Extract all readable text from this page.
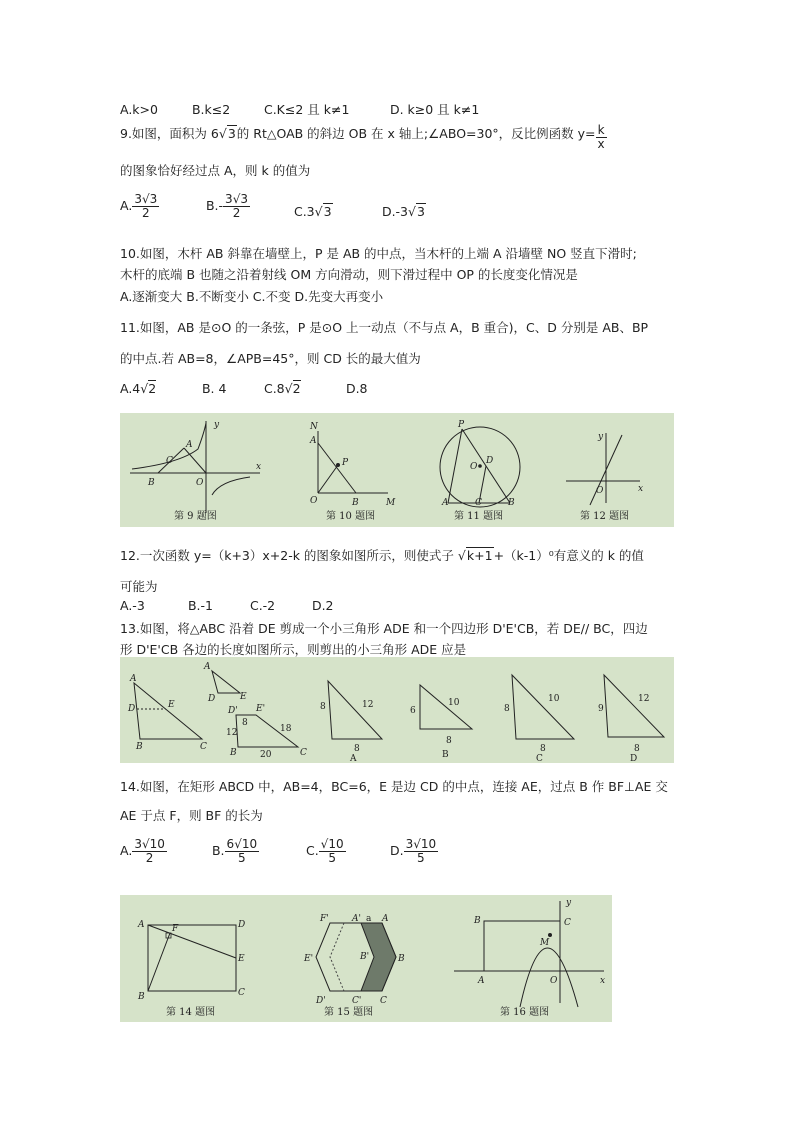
A.k>0	B.k≤2	C.K≤2 且 k≠1	D. k≥0 且 k≠1
9.如图，面积为 6√3的 Rt△OAB 的斜边 OB 在 x 轴上;∠ABO=30°，反比例函数 $y= \frac{k}{x}$
的图象恰好经过点 A，则 k 的值为
A. $\frac{3√3}{2}$	$B.- \frac{3√3}{2}$	C.3√3	D.-3√3
10.如图，木杆 AB 斜靠在墙壁上，P 是 AB 的中点，当木杆的上端 A 沿墙壁 NO 竖直下滑时;
木杆的底端 B 也随之沿着射线 OM 方向滑动，则下滑过程中 OP 的长度变化情况是
A.逐渐变大 B.不断变小 C.不变 D.先变大再变小
11.如图，AB 是⊙O 的一条弦，P 是⊙O 上一动点（不与点 A，B 重合)，C、D 分别是 AB、BP
的中点.若 AB=8，∠APB=45°，则 CD 长的最大值为
A.4√2	B. 4	C.8√2	D.8
y
x
A
C
B	O
第 9 题图
N
A
P
O	B	M
第 10 题图
P
D
O
A	C	B
第 11 题图
y
x
O
第 12 题图
12.一次函数 y=（k+3）x+2-k 的图象如图所示，则使式子 √k+1+（k-1）⁰有意义的 k 的值
可能为
A.-3	B.-1	C.-2	D.2
13.如图，将△ABC 沿着 DE 剪成一个小三角形 ADE 和一个四边形 D'E'CB，若 DE// BC，四边
形 D'E'CB 各边的长度如图所示，则剪出的小三角形 ADE 应是
A
D	E
B	C
A
D	E
D' E'
8
12	18
20
B	C
8	12
8
A
6
10
8
B
8
10
8
C
9
12
8
D
14.如图，在矩形 ABCD 中，AB=4，BC=6，E 是边 CD 的中点，连接 AE，过点 B 作 BF⊥AE 交
AE 于点 F，则 BF 的长为
A. $\frac{3√10}{2}$	B. $\frac{6√10}{5}$	C. $\frac{√10}{5}$	D. $\frac{3√10}{5}$
A	F	D
E
B	C
第 14 题图
F'	A' a A
E'	B'	B
D'	C' C
第 15 题图
y
x
B	C
M
A	O
第 16 题图
